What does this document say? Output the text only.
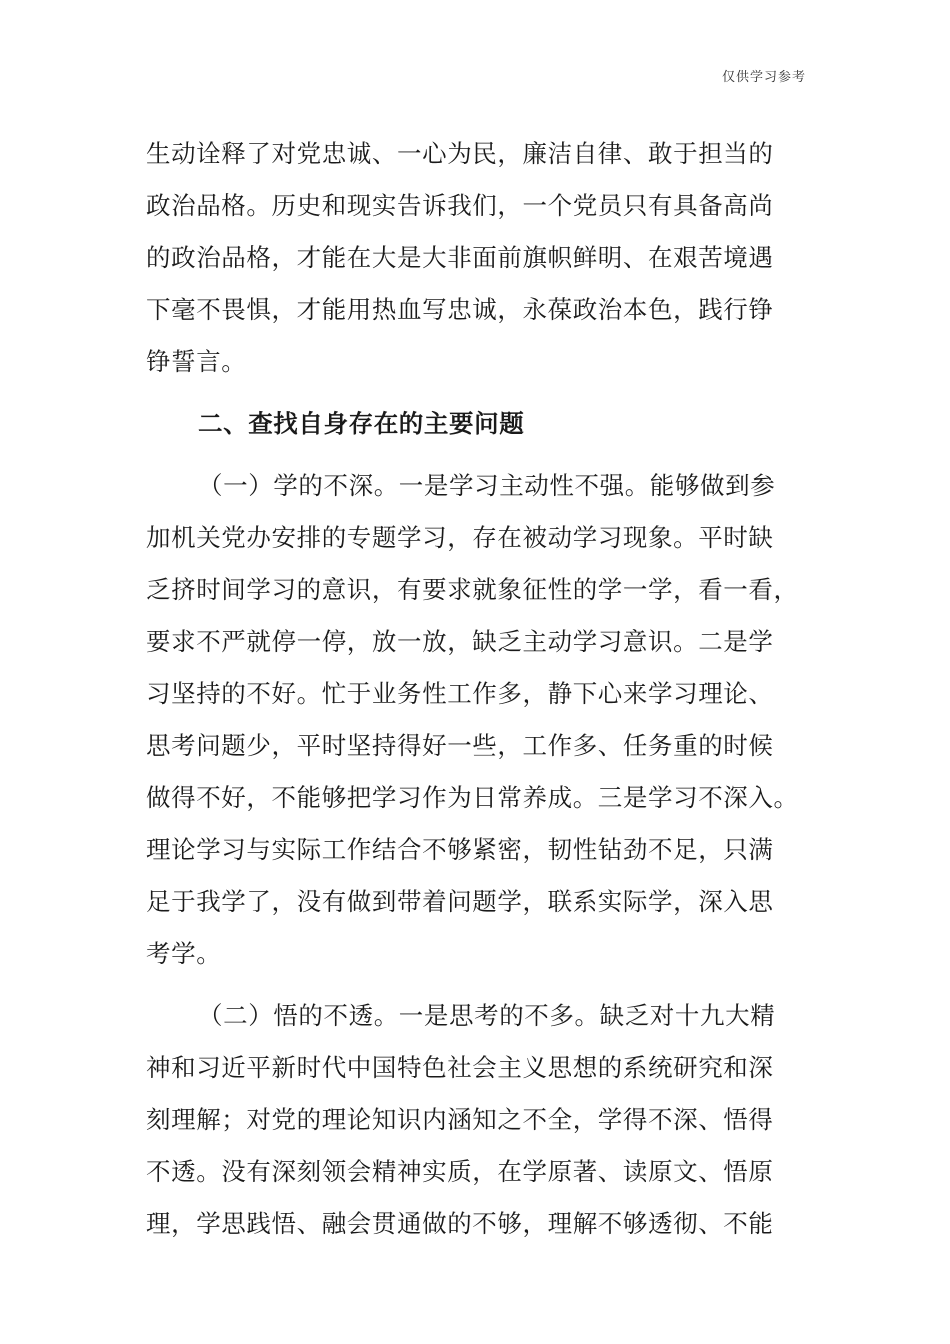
仅供学习参考
生动诠释了对党忠诚、一心为民，廉洁自律、敢于担当的
政治品格。历史和现实告诉我们，一个党员只有具备高尚
的政治品格，才能在大是大非面前旗帜鲜明、在艰苦境遇
下毫不畏惧，才能用热血写忠诚，永葆政治本色，践行铮
铮誓言。
二、查找自身存在的主要问题
（一）学的不深。一是学习主动性不强。能够做到参
加机关党办安排的专题学习，存在被动学习现象。平时缺
乏挤时间学习的意识，有要求就象征性的学一学，看一看，
要求不严就停一停，放一放，缺乏主动学习意识。二是学
习坚持的不好。忙于业务性工作多，静下心来学习理论、
思考问题少，平时坚持得好一些，工作多、任务重的时候
做得不好，不能够把学习作为日常养成。三是学习不深入。
理论学习与实际工作结合不够紧密，韧性钻劲不足，只满
足于我学了，没有做到带着问题学，联系实际学，深入思
考学。
（二）悟的不透。一是思考的不多。缺乏对十九大精
神和习近平新时代中国特色社会主义思想的系统研究和深
刻理解；对党的理论知识内涵知之不全，学得不深、悟得
不透。没有深刻领会精神实质，在学原著、读原文、悟原
理，学思践悟、融会贯通做的不够，理解不够透彻、不能
